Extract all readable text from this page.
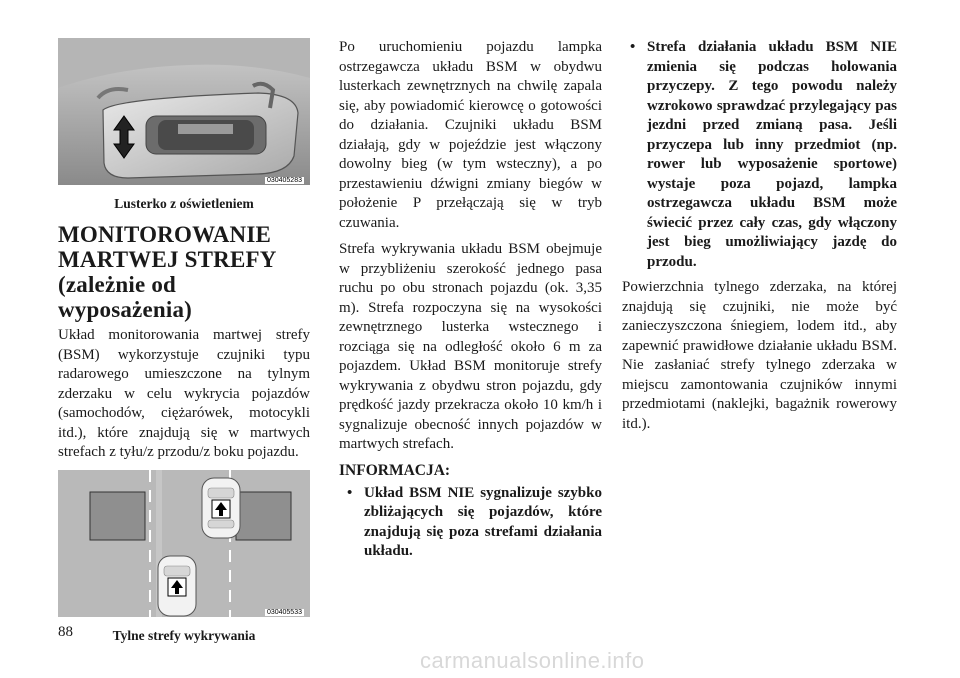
030405283
Lusterko z oświetleniem
MONITOROWANIE
MARTWEJ STREFY
(zależnie od wyposażenia)

Układ monitorowania martwej strefy (BSM) wykorzystuje czujniki typu radarowego umieszczone na tylnym zderzaku w celu wykrycia pojazdów (samochodów, ciężarówek, motocykli itd.), które znajdują się w martwych strefach z tyłu/z przodu/z boku pojazdu.

030405533
Tylne strefy wykrywania

Po uruchomieniu pojazdu lampka ostrzegawcza układu BSM w obydwu lusterkach zewnętrznych na chwilę zapala się, aby powiadomić kierowcę o gotowości do działania. Czujniki układu BSM działają, gdy w pojeździe jest włączony dowolny bieg (w tym wsteczny), a po przestawieniu dźwigni zmiany biegów w położenie P przełączają się w tryb czuwania.

Strefa wykrywania układu BSM obejmuje w przybliżeniu szerokość jednego pasa ruchu po obu stronach pojazdu (ok. 3,35 m). Strefa rozpoczyna się na wysokości zewnętrznego lusterka wstecznego i rozciąga się na odległość około 6 m za pojazdem. Układ BSM monitoruje strefy wykrywania z obydwu stron pojazdu, gdy prędkość jazdy przekracza około 10 km/h i sygnalizuje obecność innych pojazdów w martwych strefach.

INFORMACJA:
• Układ BSM NIE sygnalizuje szybko zbliżających się pojazdów, które znajdują się poza strefami działania układu.
• Strefa działania układu BSM NIE zmienia się podczas holowania przyczepy. Z tego powodu należy wzrokowo sprawdzać przylegający pas jezdni przed zmianą pasa. Jeśli przyczepa lub inny przedmiot (np. rower lub wyposażenie sportowe) wystaje poza pojazd, lampka ostrzegawcza układu BSM może świecić przez cały czas, gdy włączony jest bieg umożliwiający jazdę do przodu.

Powierzchnia tylnego zderzaka, na której znajdują się czujniki, nie może być zanieczyszczona śniegiem, lodem itd., aby zapewnić prawidłowe działanie układu BSM. Nie zasłaniać strefy tylnego zderzaka w miejscu zamontowania czujników innymi przedmiotami (naklejki, bagażnik rowerowy itd.).

88
carmanualsonline.info
